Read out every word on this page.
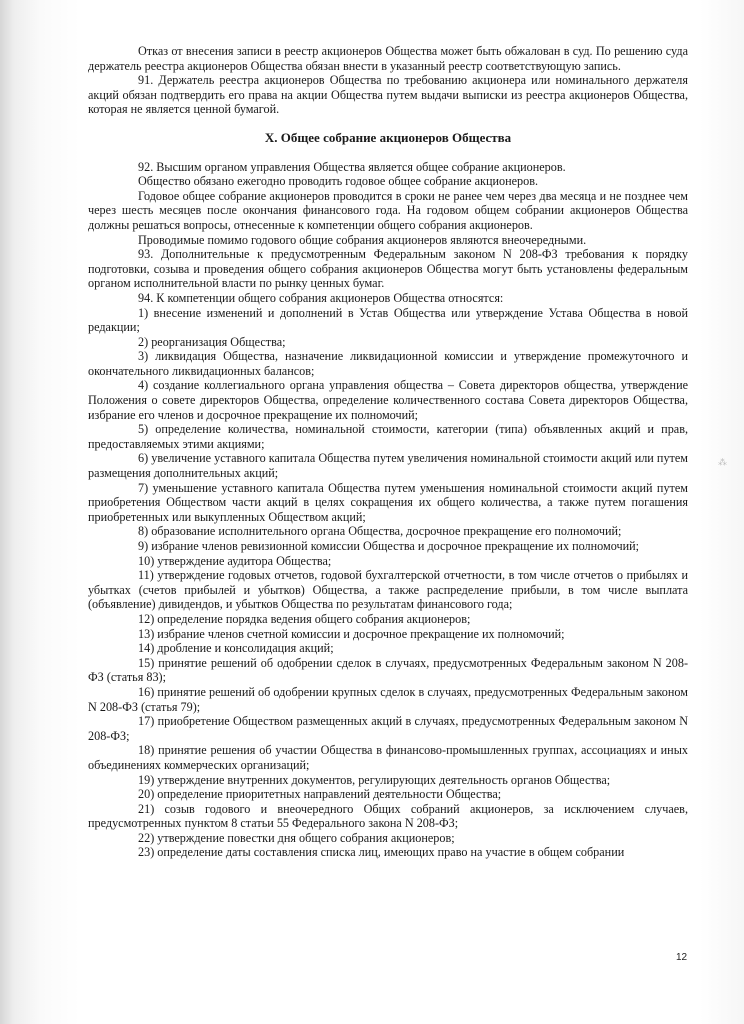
Отказ от внесения записи в реестр акционеров Общества может быть обжалован в суд. По решению суда держатель реестра акционеров Общества обязан внести в указанный реестр соответствующую запись.

91. Держатель реестра акционеров Общества по требованию акционера или номинального держателя акций обязан подтвердить его права на акции Общества путем выдачи выписки из реестра акционеров Общества, которая не является ценной бумагой.

X. Общее собрание акционеров Общества

92. Высшим органом управления Общества является общее собрание акционеров.

Общество обязано ежегодно проводить годовое общее собрание акционеров.

Годовое общее собрание акционеров проводится в сроки не ранее чем через два месяца и не позднее чем через шесть месяцев после окончания финансового года. На годовом общем собрании акционеров Общества должны решаться вопросы, отнесенные к компетенции общего собрания акционеров.

Проводимые помимо годового общие собрания акционеров являются внеочередными.

93. Дополнительные к предусмотренным Федеральным законом N 208-ФЗ требования к порядку подготовки, созыва и проведения общего собрания акционеров Общества могут быть установлены федеральным органом исполнительной власти по рынку ценных бумаг.

94. К компетенции общего собрания акционеров Общества относятся:

1) внесение изменений и дополнений в Устав Общества или утверждение Устава Общества в новой редакции;

2) реорганизация Общества;

3) ликвидация Общества, назначение ликвидационной комиссии и утверждение промежуточного и окончательного ликвидационных балансов;

4) создание коллегиального органа управления общества – Совета директоров общества, утверждение Положения о совете директоров Общества, определение количественного состава Совета директоров Общества, избрание его членов и досрочное прекращение их полномочий;

5) определение количества, номинальной стоимости, категории (типа) объявленных акций и прав, предоставляемых этими акциями;

6) увеличение уставного капитала Общества путем увеличения номинальной стоимости акций или путем размещения дополнительных акций;

7) уменьшение уставного капитала Общества путем уменьшения номинальной стоимости акций путем приобретения Обществом части акций в целях сокращения их общего количества, а также путем погашения приобретенных или выкупленных Обществом акций;

8) образование исполнительного органа Общества, досрочное прекращение его полномочий;

9) избрание членов ревизионной комиссии Общества и досрочное прекращение их полномочий;

10) утверждение аудитора Общества;

11) утверждение годовых отчетов, годовой бухгалтерской отчетности, в том числе отчетов о прибылях и убытках (счетов прибылей и убытков) Общества, а также распределение прибыли, в том числе выплата (объявление) дивидендов, и убытков Общества по результатам финансового года;

12) определение порядка ведения общего собрания акционеров;

13) избрание членов счетной комиссии и досрочное прекращение их полномочий;

14) дробление и консолидация акций;

15) принятие решений об одобрении сделок в случаях, предусмотренных Федеральным законом N 208-ФЗ (статья 83);

16) принятие решений об одобрении крупных сделок в случаях, предусмотренных Федеральным законом N 208-ФЗ (статья 79);

17) приобретение Обществом размещенных акций в случаях, предусмотренных Федеральным законом N 208-ФЗ;

18) принятие решения об участии Общества в финансово-промышленных группах, ассоциациях и иных объединениях коммерческих организаций;

19) утверждение внутренних документов, регулирующих деятельность органов Общества;

20) определение приоритетных направлений деятельности Общества;

21) созыв годового и внеочередного Общих собраний акционеров, за исключением случаев, предусмотренных пунктом 8 статьи 55 Федерального закона N 208-ФЗ;

22) утверждение повестки дня общего собрания акционеров;

23) определение даты составления списка лиц, имеющих право на участие в общем собрании

⁂
12
